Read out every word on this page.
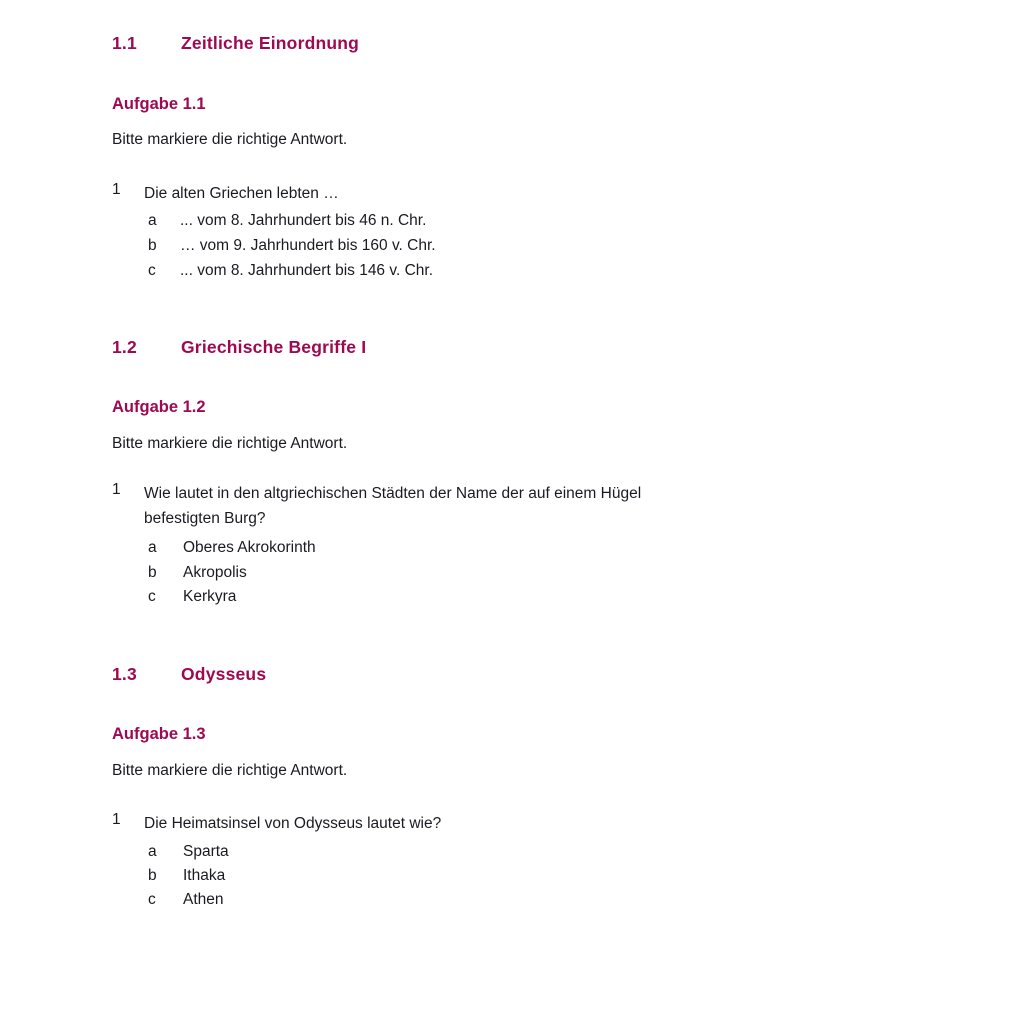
1.1	Zeitliche Einordnung
Aufgabe 1.1
Bitte markiere die richtige Antwort.
1	Die alten Griechen lebten …
a ... vom 8. Jahrhundert bis 46 n. Chr.
b … vom 9. Jahrhundert bis 160 v. Chr.
c ... vom 8. Jahrhundert bis 146 v. Chr.
1.2	Griechische Begriffe I
Aufgabe 1.2
Bitte markiere die richtige Antwort.
1	Wie lautet in den altgriechischen Städten der Name der auf einem Hügel befestigten Burg?
a Oberes Akrokorinth
b Akropolis
c Kerkyra
1.3	Odysseus
Aufgabe 1.3
Bitte markiere die richtige Antwort.
1	Die Heimatsinsel von Odysseus lautet wie?
a Sparta
b Ithaka
c Athen
